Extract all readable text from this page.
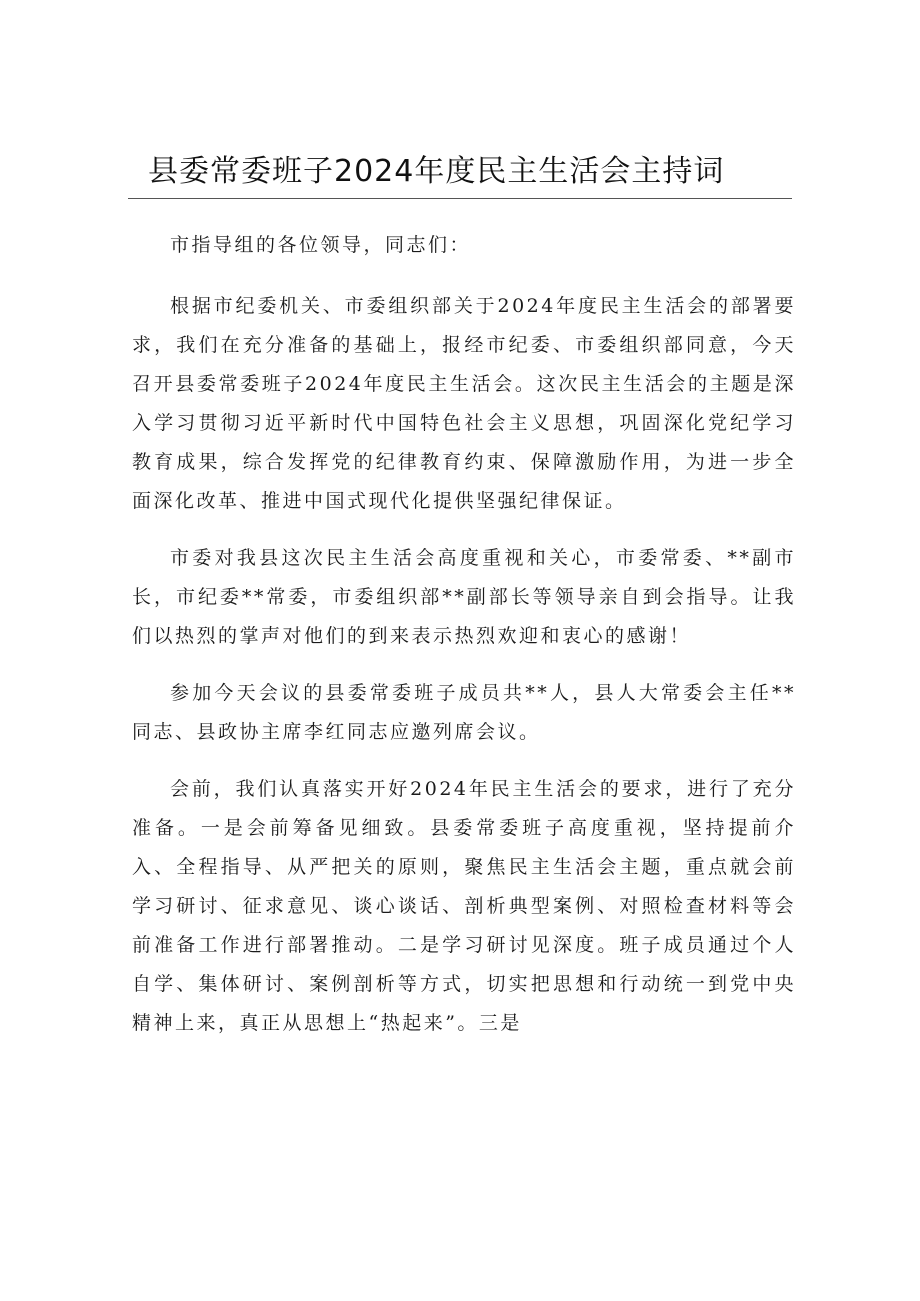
县委常委班子2024年度民主生活会主持词

市指导组的各位领导，同志们：

根据市纪委机关、市委组织部关于2024年度民主生活会的部署要求，我们在充分准备的基础上，报经市纪委、市委组织部同意，今天召开县委常委班子2024年度民主生活会。这次民主生活会的主题是深入学习贯彻习近平新时代中国特色社会主义思想，巩固深化党纪学习教育成果，综合发挥党的纪律教育约束、保障激励作用，为进一步全面深化改革、推进中国式现代化提供坚强纪律保证。

市委对我县这次民主生活会高度重视和关心，市委常委、**副市长，市纪委**常委，市委组织部**副部长等领导亲自到会指导。让我们以热烈的掌声对他们的到来表示热烈欢迎和衷心的感谢！

参加今天会议的县委常委班子成员共**人，县人大常委会主任**同志、县政协主席李红同志应邀列席会议。

会前，我们认真落实开好2024年民主生活会的要求，进行了充分准备。一是会前筹备见细致。县委常委班子高度重视，坚持提前介入、全程指导、从严把关的原则，聚焦民主生活会主题，重点就会前学习研讨、征求意见、谈心谈话、剖析典型案例、对照检查材料等会前准备工作进行部署推动。二是学习研讨见深度。班子成员通过个人自学、集体研讨、案例剖析等方式，切实把思想和行动统一到党中央精神上来，真正从思想上“热起来”。三是
